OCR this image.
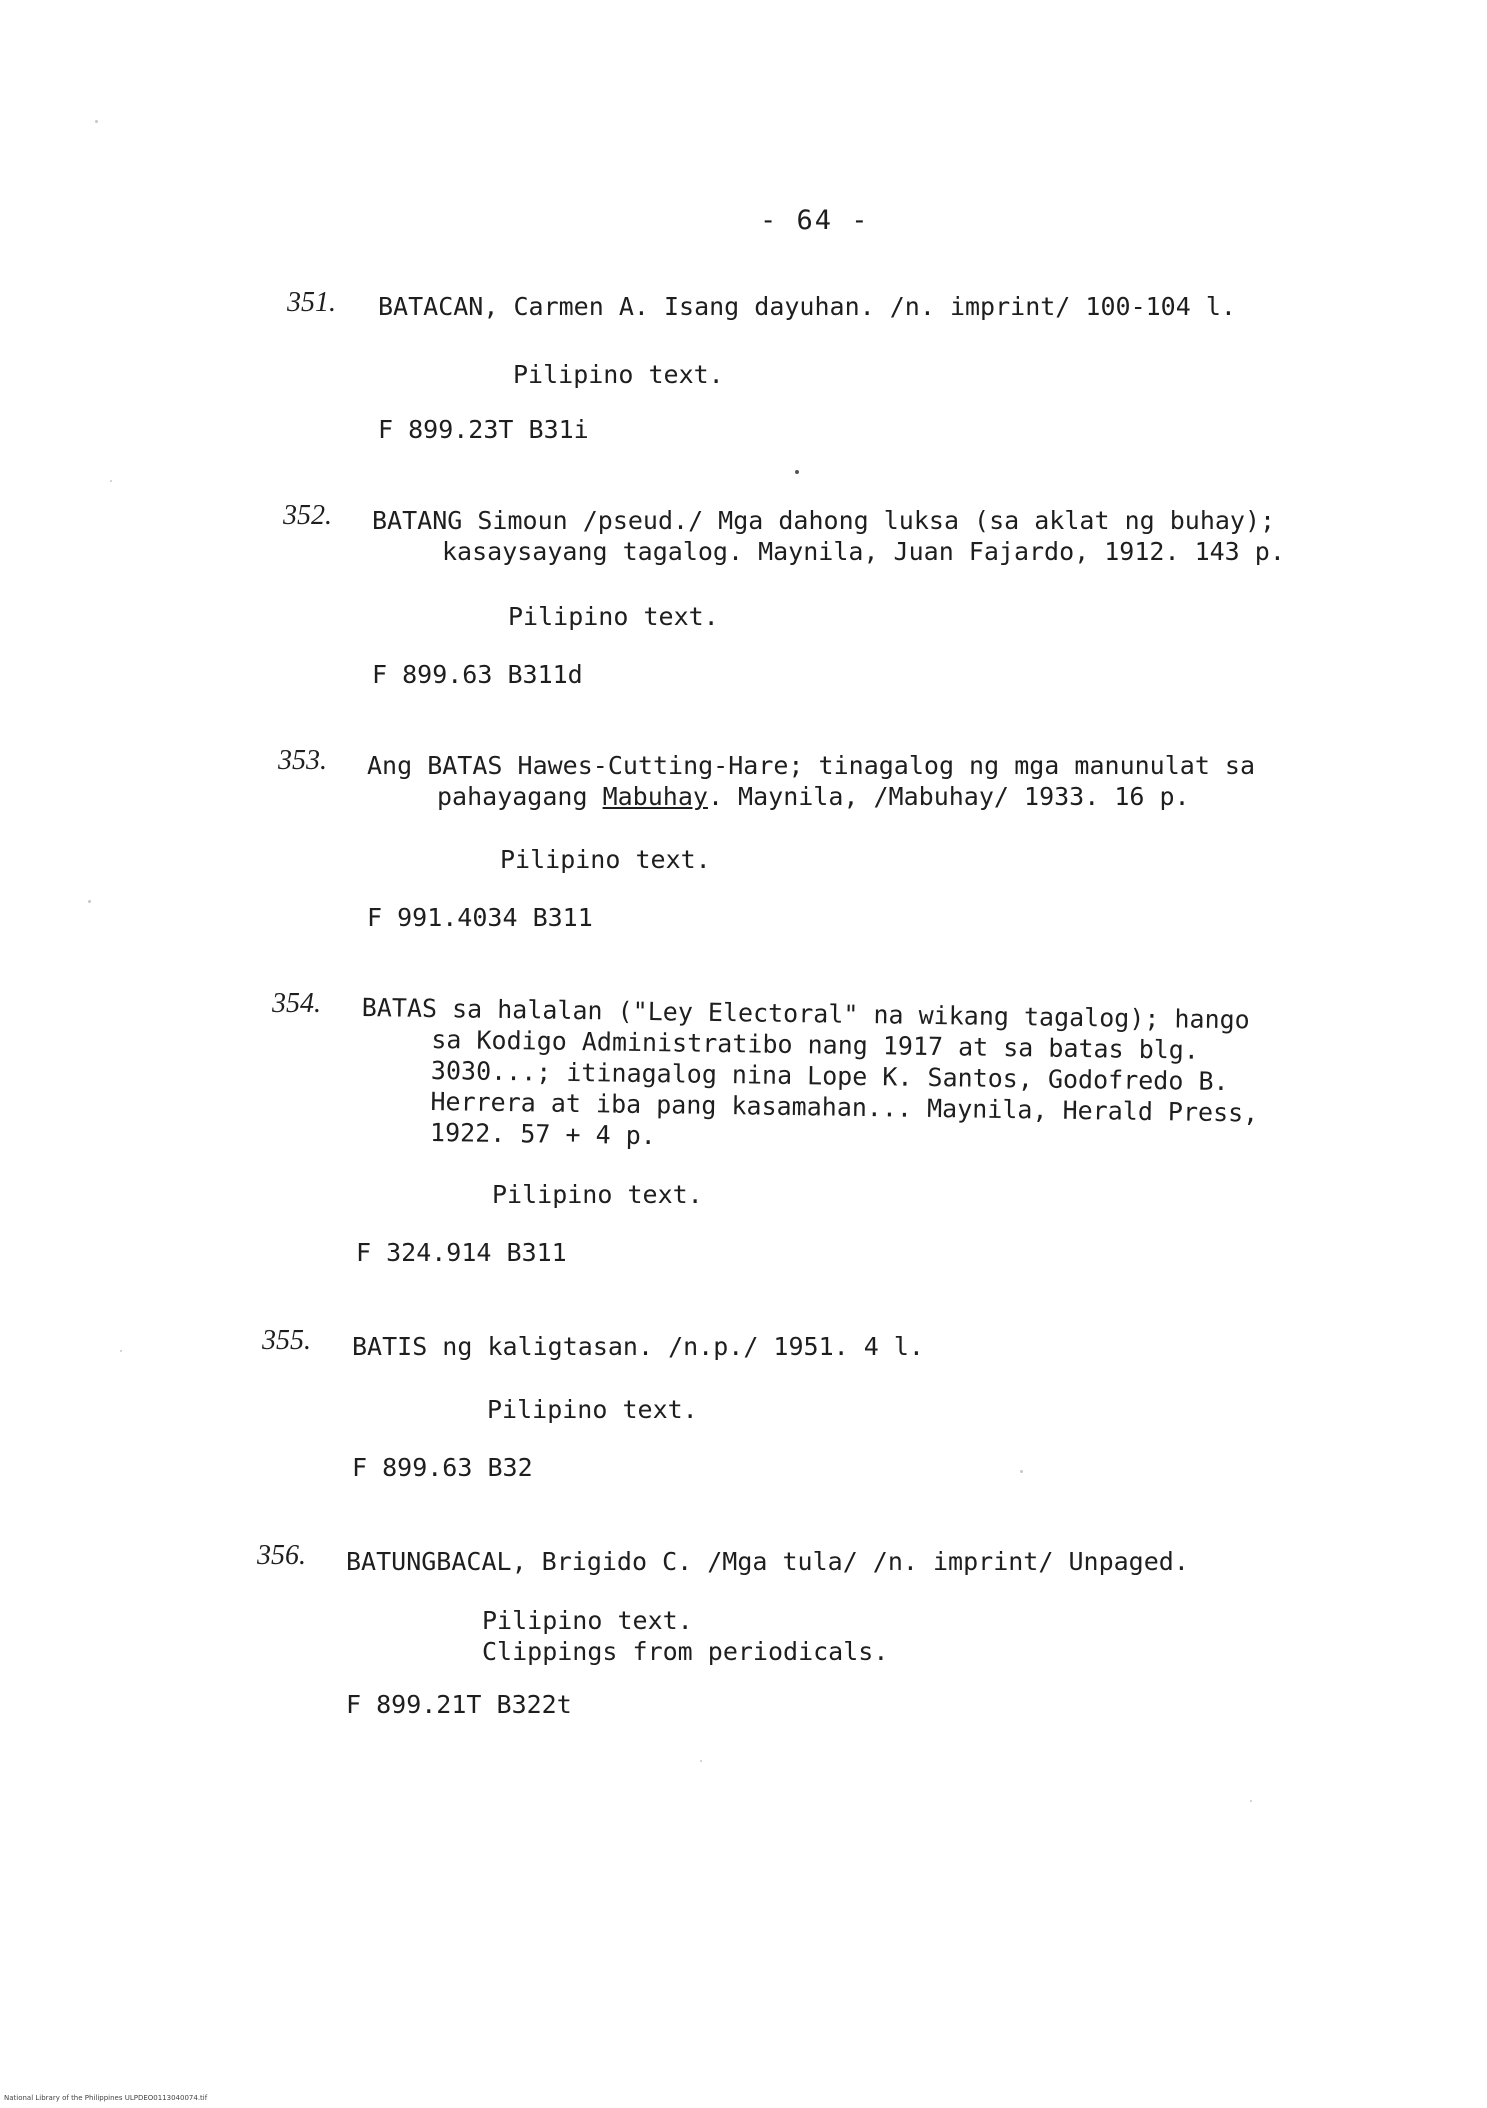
- 64 -
351. BATACAN, Carmen A. Isang dayuhan. /n. imprint/ 100-104 l.
Pilipino text.
F 899.23T B31i
352. BATANG Simoun /pseud./ Mga dahong luksa (sa aklat ng buhay);
kasaysayang tagalog. Maynila, Juan Fajardo, 1912. 143 p.
Pilipino text.
F 899.63 B311d
353. Ang BATAS Hawes-Cutting-Hare; tinagalog ng mga manunulat sa
pahayagang Mabuhay. Maynila, /Mabuhay/ 1933. 16 p.
Pilipino text.
F 991.4034 B311
354. BATAS sa halalan ("Ley Electoral" na wikang tagalog); hango
sa Kodigo Administratibo nang 1917 at sa batas blg.
3030...; itinagalog nina Lope K. Santos, Godofredo B.
Herrera at iba pang kasamahan... Maynila, Herald Press,
1922. 57 + 4 p.
Pilipino text.
F 324.914 B311
355. BATIS ng kaligtasan. /n.p./ 1951. 4 l.
Pilipino text.
F 899.63 B32
356. BATUNGBACAL, Brigido C. /Mga tula/ /n. imprint/ Unpaged.
Pilipino text.
Clippings from periodicals.
F 899.21T B322t
National Library of the Philippines ULPDEO0113040074.tif
